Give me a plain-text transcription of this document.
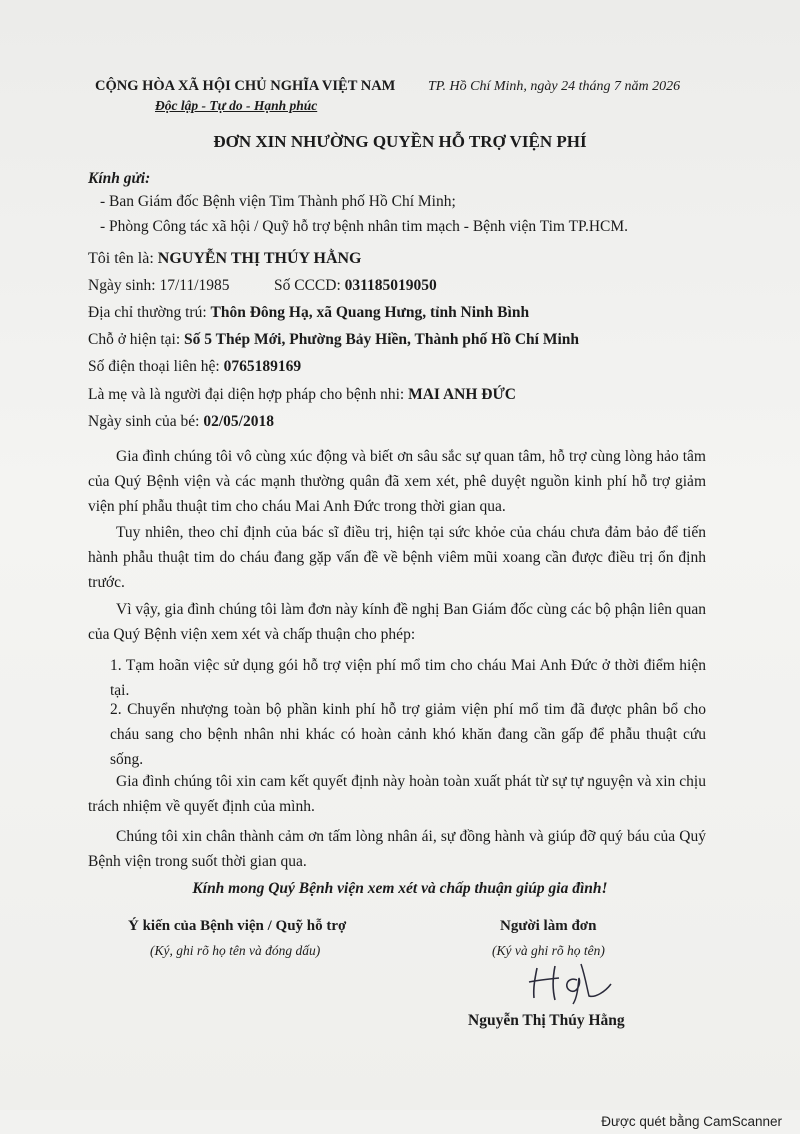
CỘNG HÒA XÃ HỘI CHỦ NGHĨA VIỆT NAM
Độc lập - Tự do - Hạnh phúc
TP. Hồ Chí Minh, ngày 24 tháng 7 năm 2026
ĐƠN XIN NHƯỜNG QUYỀN HỖ TRỢ VIỆN PHÍ
Kính gửi:
- Ban Giám đốc Bệnh viện Tim Thành phố Hồ Chí Minh;
- Phòng Công tác xã hội / Quỹ hỗ trợ bệnh nhân tim mạch - Bệnh viện Tim TP.HCM.
Tôi tên là: NGUYỄN THỊ THÚY HẰNG
Ngày sinh: 17/11/1985	Số CCCD: 031185019050
Địa chỉ thường trú: Thôn Đông Hạ, xã Quang Hưng, tỉnh Ninh Bình
Chỗ ở hiện tại: Số 5 Thép Mới, Phường Bảy Hiền, Thành phố Hồ Chí Minh
Số điện thoại liên hệ: 0765189169
Là mẹ và là người đại diện hợp pháp cho bệnh nhi: MAI ANH ĐỨC
Ngày sinh của bé: 02/05/2018
Gia đình chúng tôi vô cùng xúc động và biết ơn sâu sắc sự quan tâm, hỗ trợ cùng lòng hảo tâm của Quý Bệnh viện và các mạnh thường quân đã xem xét, phê duyệt nguồn kinh phí hỗ trợ giảm viện phí phẫu thuật tim cho cháu Mai Anh Đức trong thời gian qua.
Tuy nhiên, theo chỉ định của bác sĩ điều trị, hiện tại sức khỏe của cháu chưa đảm bảo để tiến hành phẫu thuật tim do cháu đang gặp vấn đề về bệnh viêm mũi xoang cần được điều trị ổn định trước.
Vì vậy, gia đình chúng tôi làm đơn này kính đề nghị Ban Giám đốc cùng các bộ phận liên quan của Quý Bệnh viện xem xét và chấp thuận cho phép:
1. Tạm hoãn việc sử dụng gói hỗ trợ viện phí mổ tim cho cháu Mai Anh Đức ở thời điểm hiện tại.
2. Chuyển nhượng toàn bộ phần kinh phí hỗ trợ giảm viện phí mổ tim đã được phân bổ cho cháu sang cho bệnh nhân nhi khác có hoàn cảnh khó khăn đang cần gấp để phẫu thuật cứu sống.
Gia đình chúng tôi xin cam kết quyết định này hoàn toàn xuất phát từ sự tự nguyện và xin chịu trách nhiệm về quyết định của mình.
Chúng tôi xin chân thành cảm ơn tấm lòng nhân ái, sự đồng hành và giúp đỡ quý báu của Quý Bệnh viện trong suốt thời gian qua.
Kính mong Quý Bệnh viện xem xét và chấp thuận giúp gia đình!
Ý kiến của Bệnh viện / Quỹ hỗ trợ
(Ký, ghi rõ họ tên và đóng dấu)
Người làm đơn
(Ký và ghi rõ họ tên)
Nguyễn Thị Thúy Hằng
Được quét bằng CamScanner
